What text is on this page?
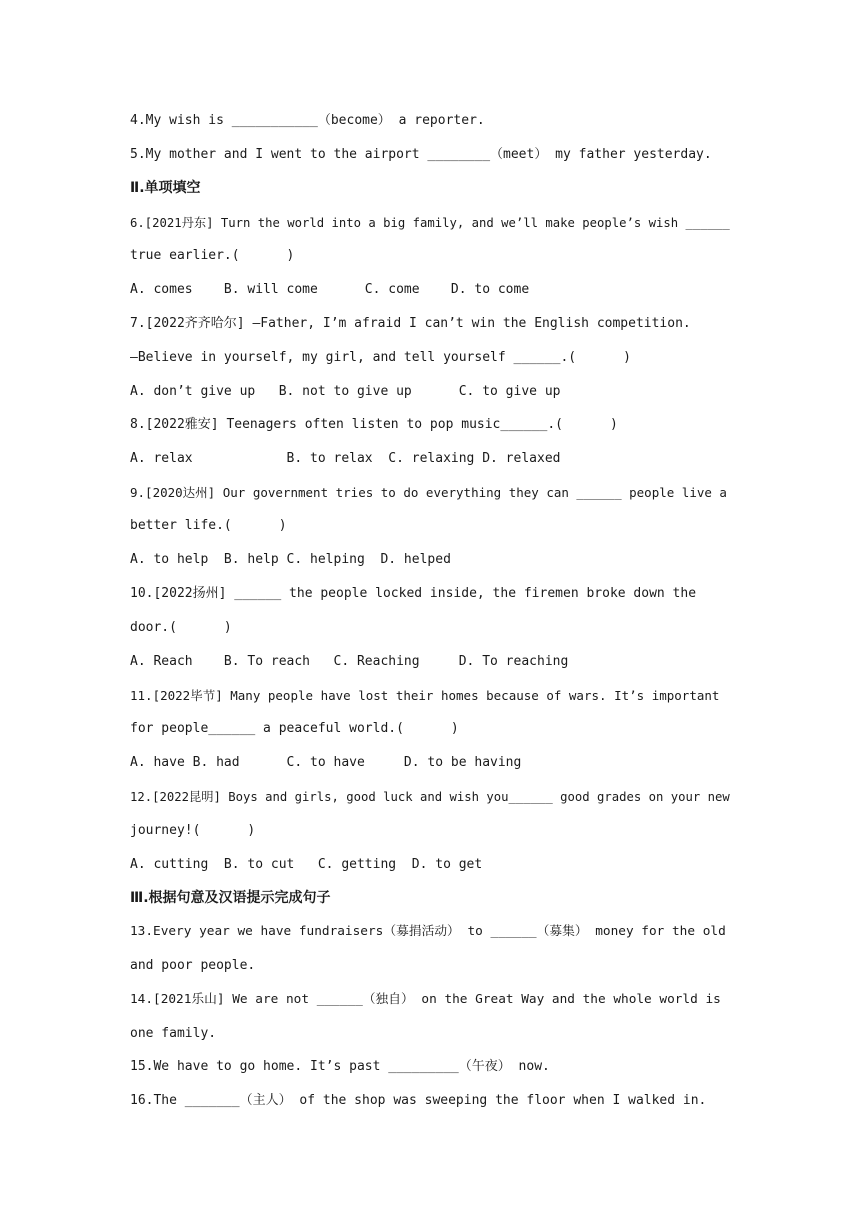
4.My wish is ___________（become） a reporter.
5.My mother and I went to the airport ________（meet） my father yesterday.
Ⅱ.单项填空
6.[2021丹东] Turn the world into a big family, and we’ll make people’s wish ______
true earlier.(      )
A. comes    B. will come      C. come    D. to come
7.[2022齐齐哈尔] —Father, I’m afraid I can’t win the English competition.
—Believe in yourself, my girl, and tell yourself ______.(      )
A. don’t give up   B. not to give up      C. to give up
8.[2022雅安] Teenagers often listen to pop music______.(      )
A. relax            B. to relax  C. relaxing D. relaxed
9.[2020达州] Our government tries to do everything they can ______ people live a
better life.(      )
A. to help  B. help C. helping  D. helped
10.[2022扬州] ______ the people locked inside, the firemen broke down the
door.(      )
A. Reach    B. To reach   C. Reaching     D. To reaching
11.[2022毕节] Many people have lost their homes because of wars. It’s important
for people______ a peaceful world.(      )
A. have B. had      C. to have     D. to be having
12.[2022昆明] Boys and girls, good luck and wish you______ good grades on your new
journey!(      )
A. cutting  B. to cut   C. getting  D. to get
Ⅲ.根据句意及汉语提示完成句子
13.Every year we have fundraisers（募捐活动） to ______（募集） money for the old
and poor people.
14.[2021乐山] We are not ______（独自） on the Great Way and the whole world is
one family.
15.We have to go home. It’s past _________（午夜） now.
16.The _______（主人） of the shop was sweeping the floor when I walked in.
